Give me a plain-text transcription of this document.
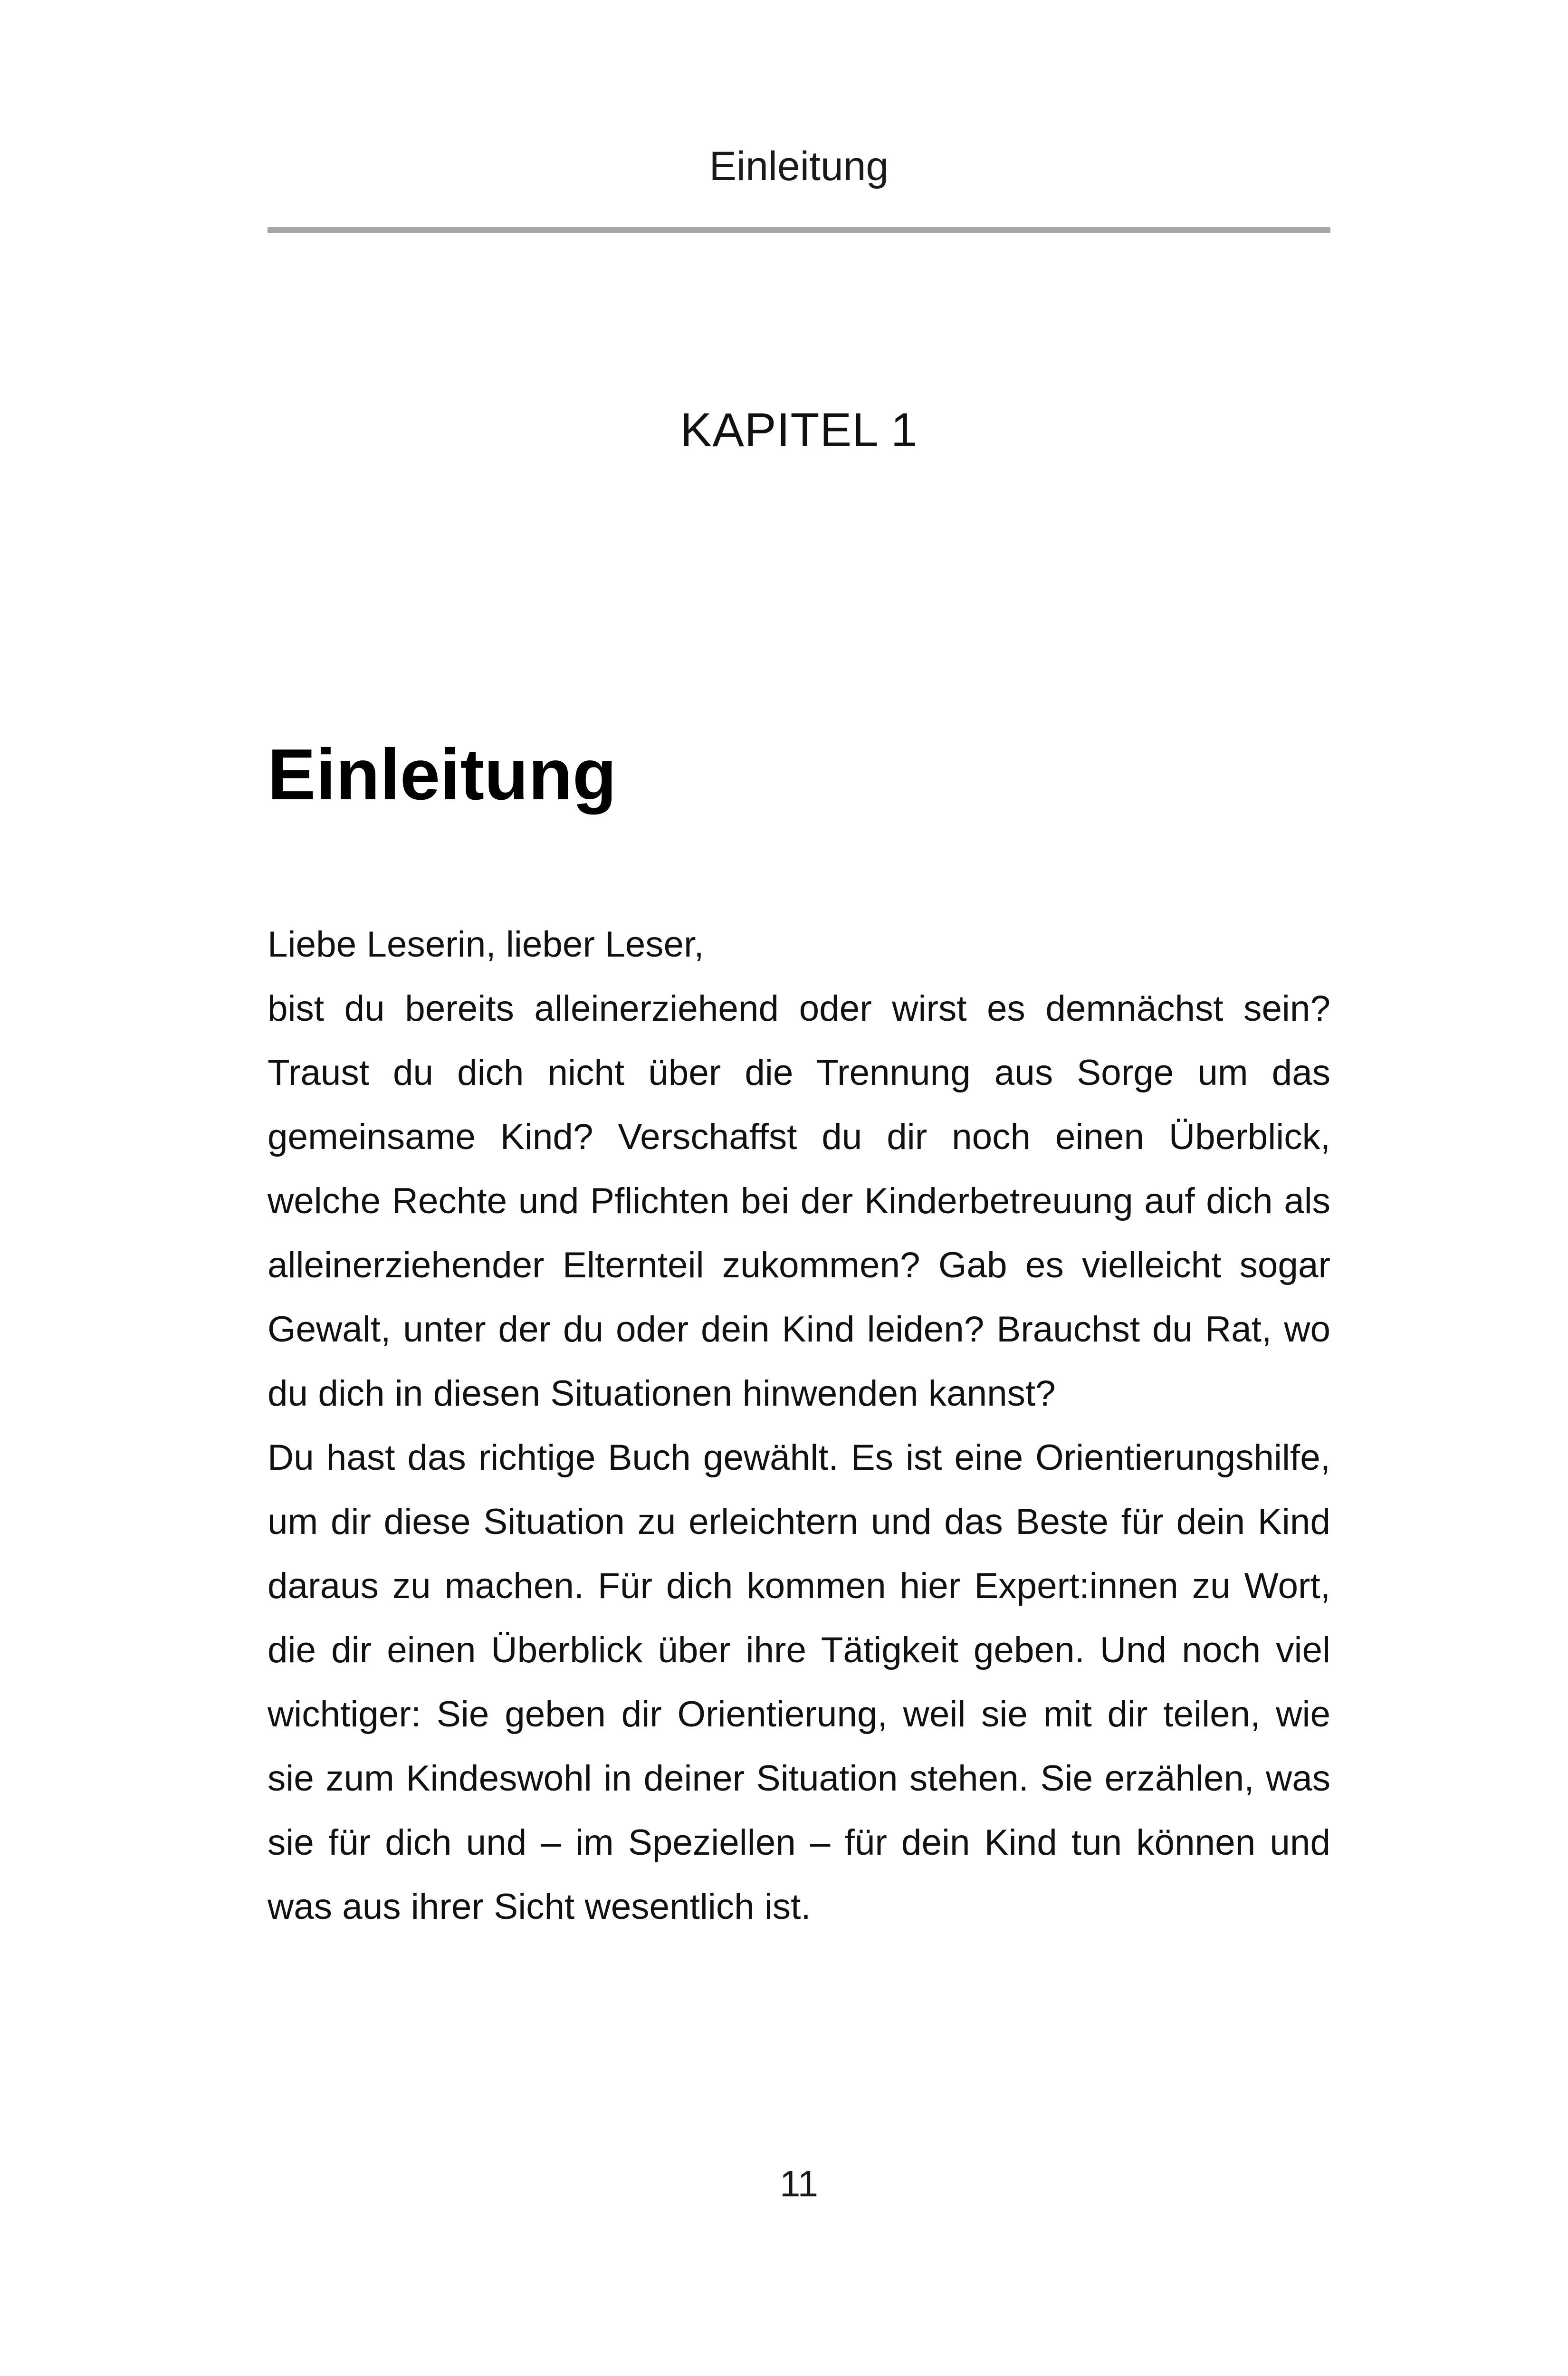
Einleitung
KAPITEL 1
Einleitung

Liebe Leserin, lieber Leser,

bist du bereits alleinerziehend oder wirst es demnächst sein? Traust du dich nicht über die Trennung aus Sorge um das gemeinsame Kind? Verschaffst du dir noch einen Überblick, welche Rechte und Pflichten bei der Kinderbetreuung auf dich als alleinerziehender Elternteil zukommen? Gab es vielleicht sogar Gewalt, unter der du oder dein Kind leiden? Brauchst du Rat, wo du dich in diesen Situationen hinwenden kannst?

Du hast das richtige Buch gewählt. Es ist eine Orientierungshilfe, um dir diese Situation zu erleichtern und das Beste für dein Kind daraus zu machen. Für dich kommen hier Expert:innen zu Wort, die dir einen Überblick über ihre Tätigkeit geben. Und noch viel wichtiger: Sie geben dir Orientierung, weil sie mit dir teilen, wie sie zum Kindeswohl in deiner Situation stehen. Sie erzählen, was sie für dich und – im Speziellen – für dein Kind tun können und was aus ihrer Sicht wesentlich ist.

11
